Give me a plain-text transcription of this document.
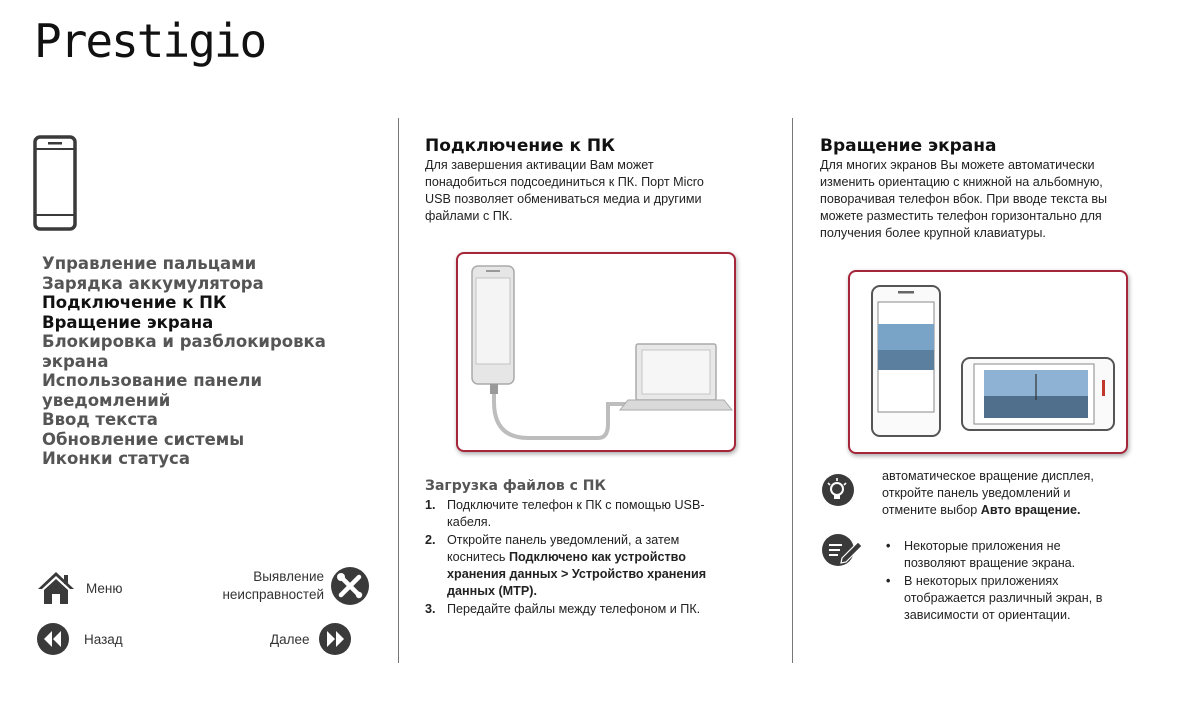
Prestigio
Управление пальцами
Зарядка аккумулятора
Подключение к ПК
Вращение экрана
Блокировка и разблокировка экрана
Использование панели
уведомлений
Ввод текста
Обновление системы
Иконки статуса
Меню
Выявление
неисправностей
Назад	Далее
Подключение к ПК
Для завершения активации Вам может
понадобиться подсоединиться к ПК. Порт Micro
USB позволяет обмениваться медиа и другими
файлами с ПК.
Загрузка файлов с ПК
1. Подключите телефон к ПК с помощью USB-
кабеля.
2. Откройте панель уведомлений, а затем
коснитесь Подключено как устройство
хранения данных > Устройство хранения
данных (MTP).
3. Передайте файлы между телефоном и ПК.
Вращение экрана
Для многих экранов Вы можете автоматически
изменить ориентацию с книжной на альбомную,
поворачивая телефон вбок. При вводе текста вы
можете разместить телефон горизонтально для
получения более крупной клавиатуры.
автоматическое вращение дисплея,
откройте панель уведомлений и
отмените выбор Авто вращение.
• Некоторые приложения не
позволяют вращение экрана.
• В некоторых приложениях
отображается различный экран, в
зависимости от ориентации.
